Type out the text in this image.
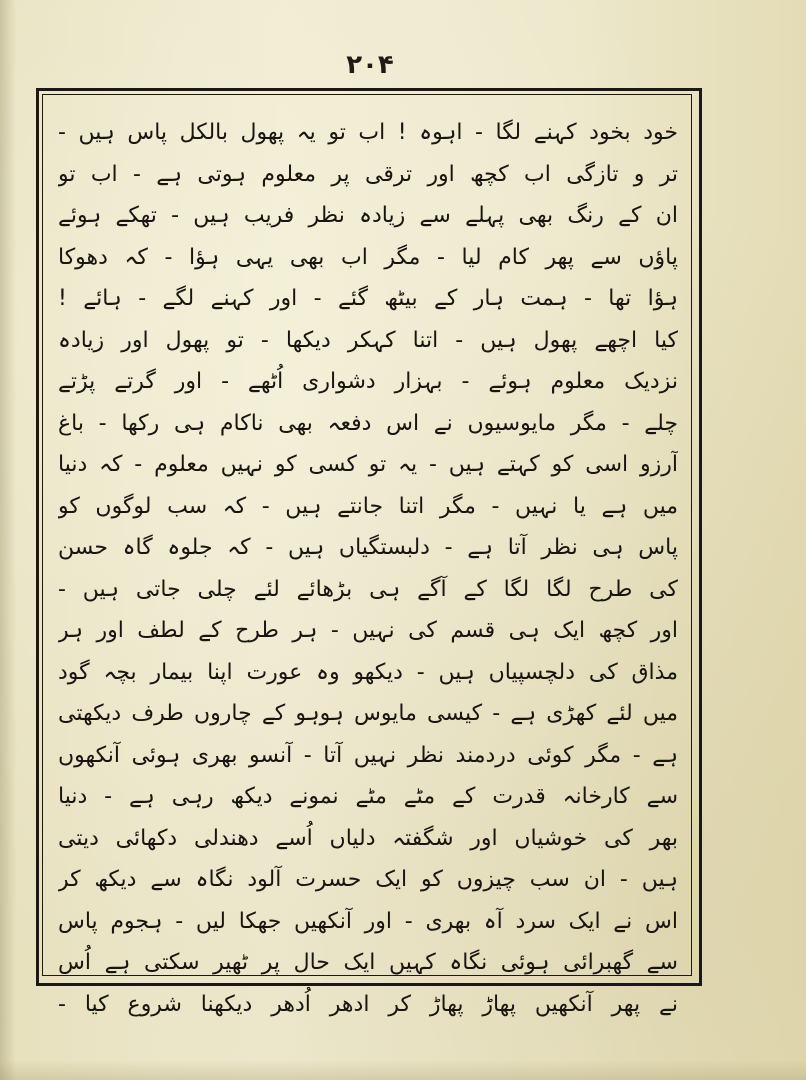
۲۰۴
خود بخود کہنے لگا - اہوہ ! اب تو یہ پھول بالکل پاس ہیں -
تر و تازگی اب کچھ اور ترقی پر معلوم ہوتی ہے - اب تو
ان کے رنگ بھی پہلے سے زیادہ نظر فریب ہیں - تھکے ہوئے
پاؤں سے پھر کام لیا - مگر اب بھی یہی ہؤا - کہ دھوکا
ہؤا تھا - ہمت ہار کے بیٹھ گئے - اور کہنے لگے - ہائے !
کیا اچھے پھول ہیں - اتنا کہکر دیکھا - تو پھول اور زیادہ
نزدیک معلوم ہوئے - بہزار دشواری اُٹھے - اور گرتے پڑتے
چلے - مگر مایوسیوں نے اس دفعہ بھی ناکام ہی رکھا - باغ
آرزو اسی کو کہتے ہیں - یہ تو کسی کو نہیں معلوم - کہ دنیا
میں ہے یا نہیں - مگر اتنا جانتے ہیں - کہ سب لوگوں کو
پاس ہی نظر آتا ہے - دلبستگیاں ہیں - کہ جلوہ گاہ حسن
کی طرح لگا لگا کے آگے ہی بڑھائے لئے چلی جاتی ہیں -
اور کچھ ایک ہی قسم کی نہیں - ہر طرح کے لطف اور ہر
مذاق کی دلچسپیاں ہیں - دیکھو وہ عورت اپنا بیمار بچہ گود
میں لئے کھڑی ہے - کیسی مایوس ہوہو کے چاروں طرف دیکھتی
ہے - مگر کوئی دردمند نظر نہیں آتا - آنسو بھری ہوئی آنکھوں
سے کارخانہ قدرت کے مٹے مٹے نمونے دیکھ رہی ہے - دنیا
بھر کی خوشیاں اور شگفتہ دلیاں اُسے دھندلی دکھائی دیتی
ہیں - ان سب چیزوں کو ایک حسرت آلود نگاہ سے دیکھ کر
اس نے ایک سرد آہ بھری - اور آنکھیں جھکا لیں - ہجوم پاس
سے گھبرائی ہوئی نگاہ کہیں ایک حال پر ٹھیر سکتی ہے اُس
نے پھر آنکھیں پھاڑ پھاڑ کر ادھر اُدھر دیکھنا شروع کیا -
